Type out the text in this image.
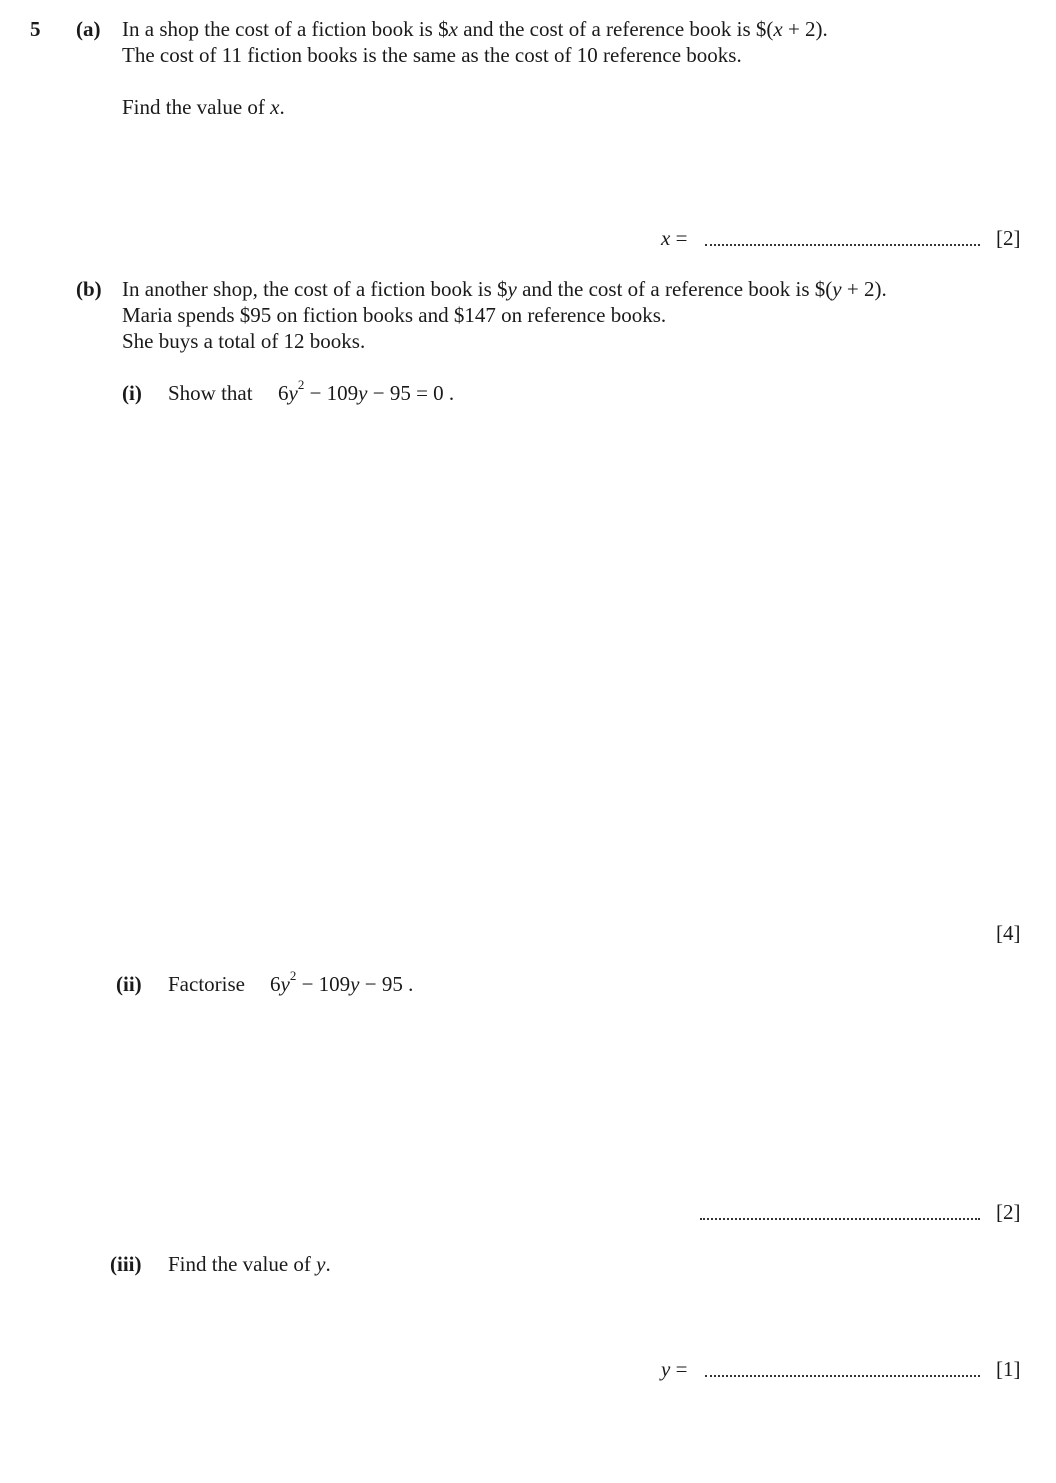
5 (a) In a shop the cost of a fiction book is $x and the cost of a reference book is $(x + 2).
The cost of 11 fiction books is the same as the cost of 10 reference books.
Find the value of x.
x =	[2]
(b) In another shop, the cost of a fiction book is $y and the cost of a reference book is $(y + 2).
Maria spends $95 on fiction books and $147 on reference books.
She buys a total of 12 books.
(i) Show that $6y^2 - 109y - 95 = 0$ .
[4]
(ii) Factorise $6y^2 - 109y - 95$ .
[2]
(iii) Find the value of y.
y =	[1]
